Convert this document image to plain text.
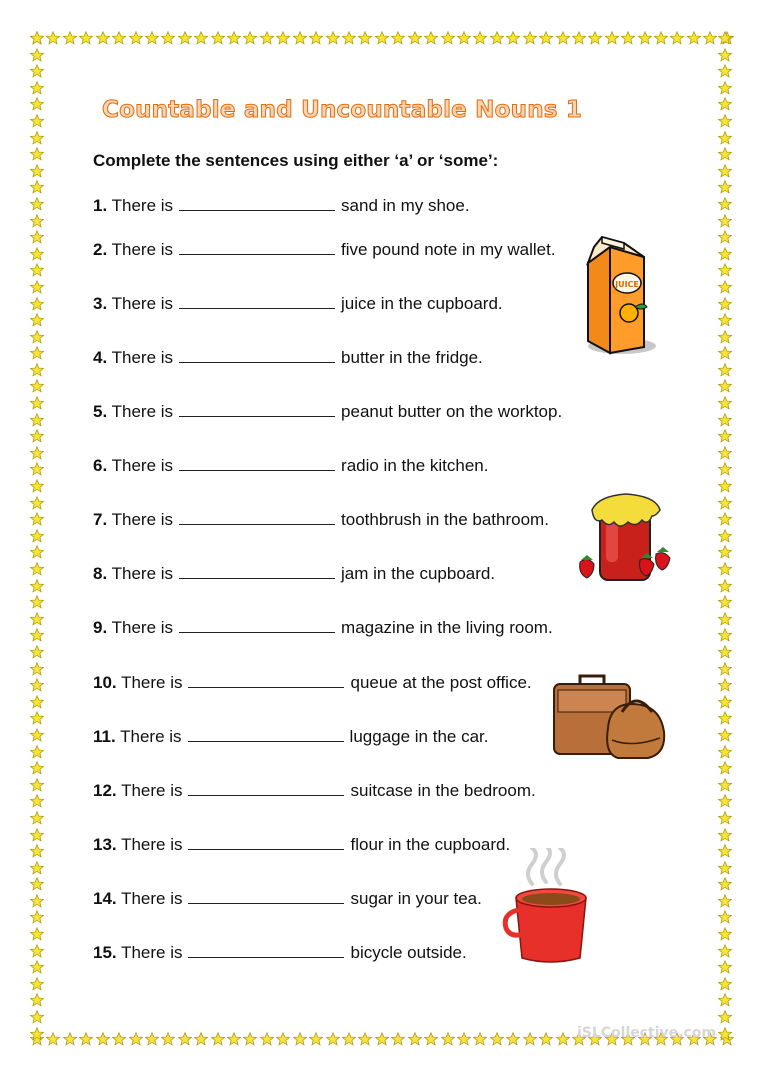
Countable and Uncountable Nouns 1
Complete the sentences using either ‘a’ or ‘some’:
1. There is	sand in my shoe.
2. There is	five pound note in my wallet.
3. There is	juice in the cupboard.
4. There is	butter in the fridge.
5. There is	peanut butter on the worktop.
6. There is	radio in the kitchen.
7. There is	toothbrush in the bathroom.
8. There is	jam in the cupboard.
9. There is	magazine in the living room.
10. There is	queue at the post office.
11. There is	luggage in the car.
12. There is	suitcase in the bedroom.
13. There is	flour in the cupboard.
14. There is	sugar in your tea.
15. There is	bicycle outside.
JUICE
iSLCollective.com
